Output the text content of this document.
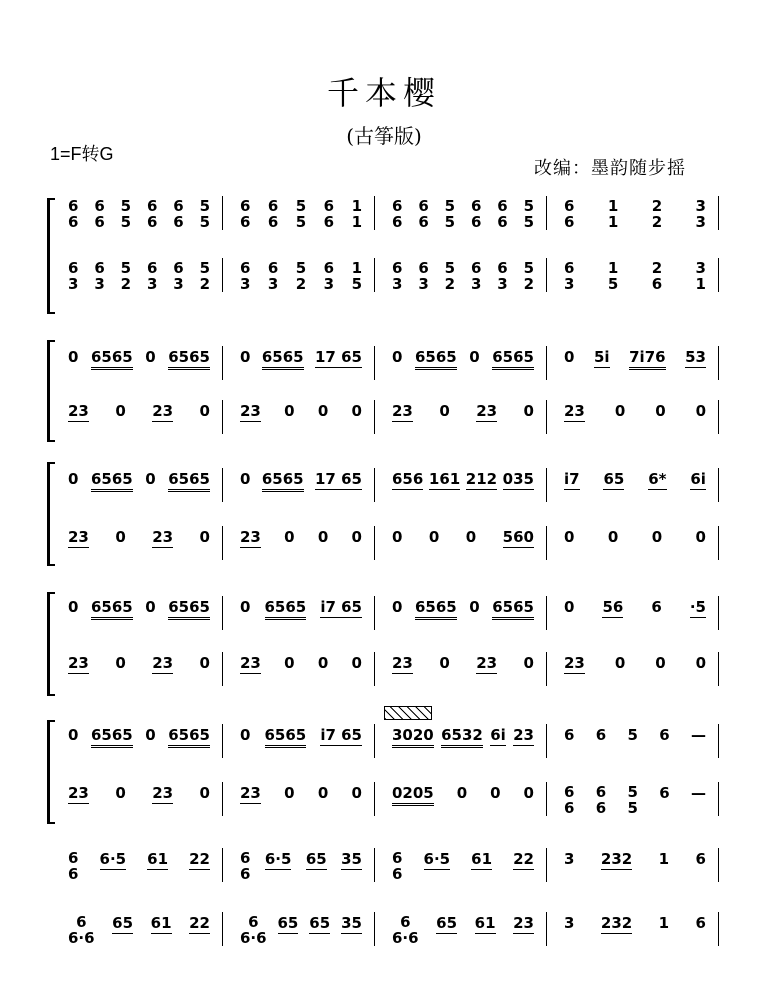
千本樱
(古筝版)
1=F转G
改编：墨韵随步摇
6
6
6
6
5
5
6
6
6
6
5
5
6
6
6
6
5
5
6
6
1
1
6
6
6
6
5
5
6
6
6
6
5
5
6
6
1
1
2
2
3
3
6
3
6
3
5
2
6
3
6
3
5
2
6
3
6
3
5
2
6
3
1
5
6
3
6
3
5
2
6
3
6
3
5
2
6
3
1
5
2
6
3
1
0 6565 0 6565 0 6565 17 65 0 6565 0 6565 0 5i 7i76 53
23 0 23 0 23 0 0 0 23 0 23 0 23 0 0 0
0 6565 0 6565 0 6565 17 65 656 161 212 035 i7 65 6* 6i
23 0 23 0 23 0 0 0 0 0 0 560 0 0 0 0
0 6565 0 6565 0 6565 i7 65 0 6565 0 6565 0 56 6 ·5
23 0 23 0 23 0 0 0 23 0 23 0 23 0 0 0
0 6565 0 6565 0 6565 i7 65 3020 6532 6i 23 6 6 5 6 —
23 0 23 0 23 0 0 0 0205 0 0 0 6
6
6
6
5
5
6 —
6
6
6·5 61 22 6
6
6·5 65 35 6
6
6·5 61 22 3 232 1 6
6
6·6
65 61 22	6
6·6
65 65 35	6
6·6
65 61 23 3 232 1 6
